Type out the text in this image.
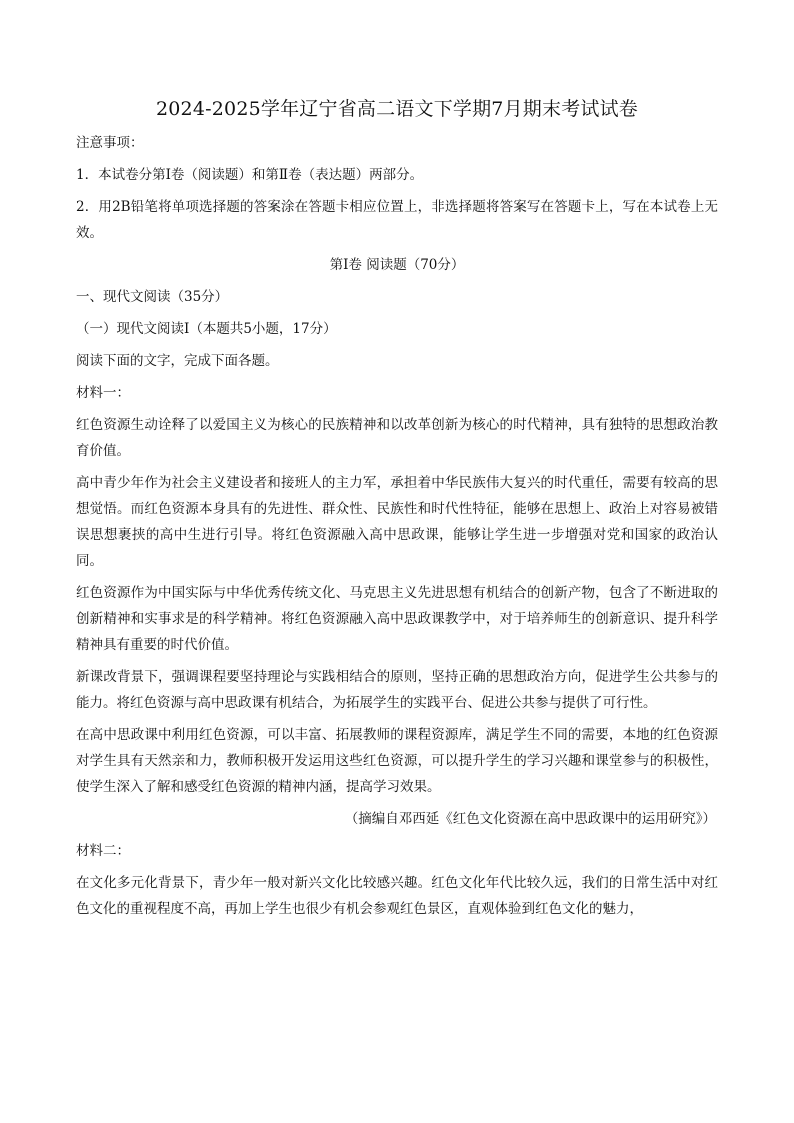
2024-2025学年辽宁省高二语文下学期7月期末考试试卷
注意事项：
1．本试卷分第Ⅰ卷（阅读题）和第Ⅱ卷（表达题）两部分。
2．用2B铅笔将单项选择题的答案涂在答题卡相应位置上，非选择题将答案写在答题卡上，写在本试卷上无效。
第Ⅰ卷 阅读题（70分）
一、现代文阅读（35分）
（一）现代文阅读Ⅰ（本题共5小题，17分）
阅读下面的文字，完成下面各题。
材料一：
红色资源生动诠释了以爱国主义为核心的民族精神和以改革创新为核心的时代精神，具有独特的思想政治教育价值。
高中青少年作为社会主义建设者和接班人的主力军，承担着中华民族伟大复兴的时代重任，需要有较高的思想觉悟。而红色资源本身具有的先进性、群众性、民族性和时代性特征，能够在思想上、政治上对容易被错误思想裹挟的高中生进行引导。将红色资源融入高中思政课，能够让学生进一步增强对党和国家的政治认同。
红色资源作为中国实际与中华优秀传统文化、马克思主义先进思想有机结合的创新产物，包含了不断进取的创新精神和实事求是的科学精神。将红色资源融入高中思政课教学中，对于培养师生的创新意识、提升科学精神具有重要的时代价值。
新课改背景下，强调课程要坚持理论与实践相结合的原则，坚持正确的思想政治方向，促进学生公共参与的能力。将红色资源与高中思政课有机结合，为拓展学生的实践平台、促进公共参与提供了可行性。
在高中思政课中利用红色资源，可以丰富、拓展教师的课程资源库，满足学生不同的需要，本地的红色资源对学生具有天然亲和力，教师积极开发运用这些红色资源，可以提升学生的学习兴趣和课堂参与的积极性，使学生深入了解和感受红色资源的精神内涵，提高学习效果。
（摘编自邓西延《红色文化资源在高中思政课中的运用研究》）
材料二：
在文化多元化背景下，青少年一般对新兴文化比较感兴趣。红色文化年代比较久远，我们的日常生活中对红色文化的重视程度不高，再加上学生也很少有机会参观红色景区，直观体验到红色文化的魅力，
